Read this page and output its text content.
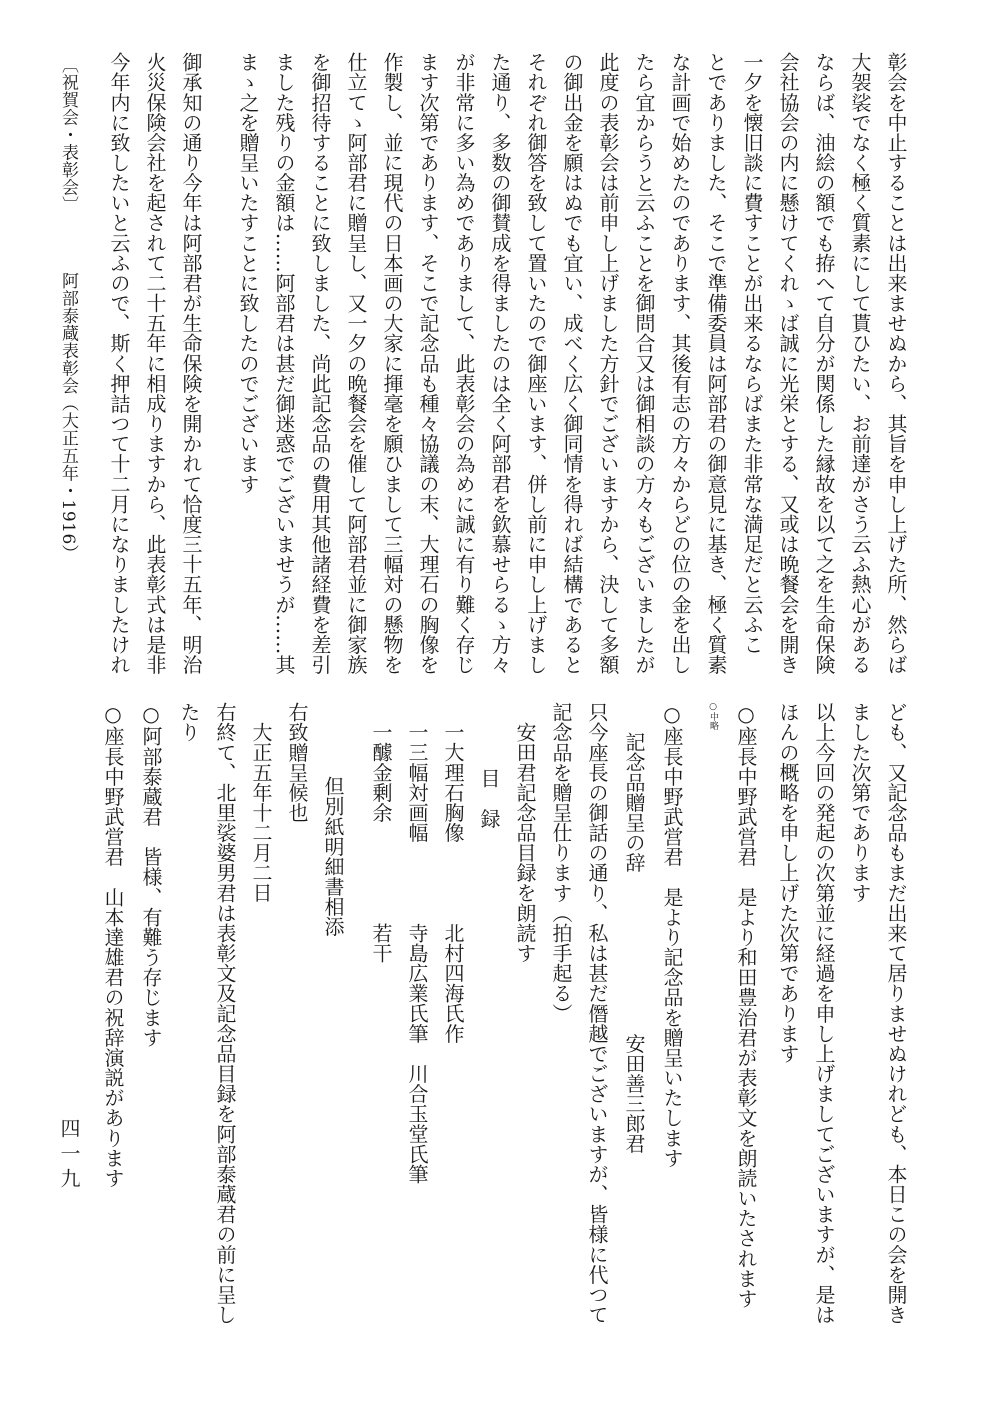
彰会を中止することは出来ませぬから、其旨を申し上げた所、然らば
大袈裟でなく極く質素にして貰ひたい、お前達がさう云ふ熱心がある
ならば、油絵の額でも拵へて自分が関係した縁故を以て之を生命保険
会社協会の内に懸けてくれゝば誠に光栄とする、又或は晩餐会を開き
一夕を懐旧談に費すことが出来るならばまた非常な満足だと云ふこ
とでありました、そこで準備委員は阿部君の御意見に基き、極く質素
な計画で始めたのであります、其後有志の方々からどの位の金を出し
たら宜からうと云ふことを御問合又は御相談の方々もございましたが
此度の表彰会は前申し上げました方針でございますから、決して多額
の御出金を願はぬでも宜い、成べく広く御同情を得れば結構であると
それぞれ御答を致して置いたので御座います、併し前に申し上げまし
た通り、多数の御賛成を得ましたのは全く阿部君を欽慕せらるゝ方々
が非常に多い為めでありまして、此表彰会の為めに誠に有り難く存じ
ます次第であります、そこで記念品も種々協議の末、大理石の胸像を
作製し、並に現代の日本画の大家に揮毫を願ひまして三幅対の懸物を
仕立てゝ阿部君に贈呈し、又一夕の晩餐会を催して阿部君並に御家族
を御招待することに致しました、尚此記念品の費用其他諸経費を差引
ました残りの金額は……阿部君は甚だ御迷惑でございませうが……其
まゝ之を贈呈いたすことに致したのでございます
御承知の通り今年は阿部君が生命保険を開かれて恰度三十五年、明治
火災保険会社を起されて二十五年に相成りますから、此表彰式は是非
今年内に致したいと云ふので、斯く押詰つて十二月になりましたけれ
〔祝賀会・表彰会〕
阿部泰蔵表彰会（大正五年・1916）
ども、又記念品もまだ出来て居りませぬけれども、本日この会を開き
ました次第であります
以上今回の発起の次第並に経過を申し上げましてございますが、是は
ほんの概略を申し上げた次第であります
○座長中野武営君　是より和田豊治君が表彰文を朗読いたされます
○中略
○座長中野武営君　是より記念品を贈呈いたします
記念品贈呈の辞　　　　　　　　安田善三郎君
只今座長の御話の通り、私は甚だ僭越でございますが、皆様に代つて
記念品を贈呈仕ります（拍手起る）
安田君記念品目録を朗読す
目　録
一大理石胸像　　　　北村四海氏作
一三幅対画幅　　　　寺島広業氏筆　川合玉堂氏筆
一醵金剰余　　　　　若干
但別紙明細書相添
右致贈呈候也
大正五年十二月二日
右終て、北里裟婆男君は表彰文及記念品目録を阿部泰蔵君の前に呈し
たり
○阿部泰蔵君　皆様、有難う存じます
○座長中野武営君　山本達雄君の祝辞演説があります
四一九
